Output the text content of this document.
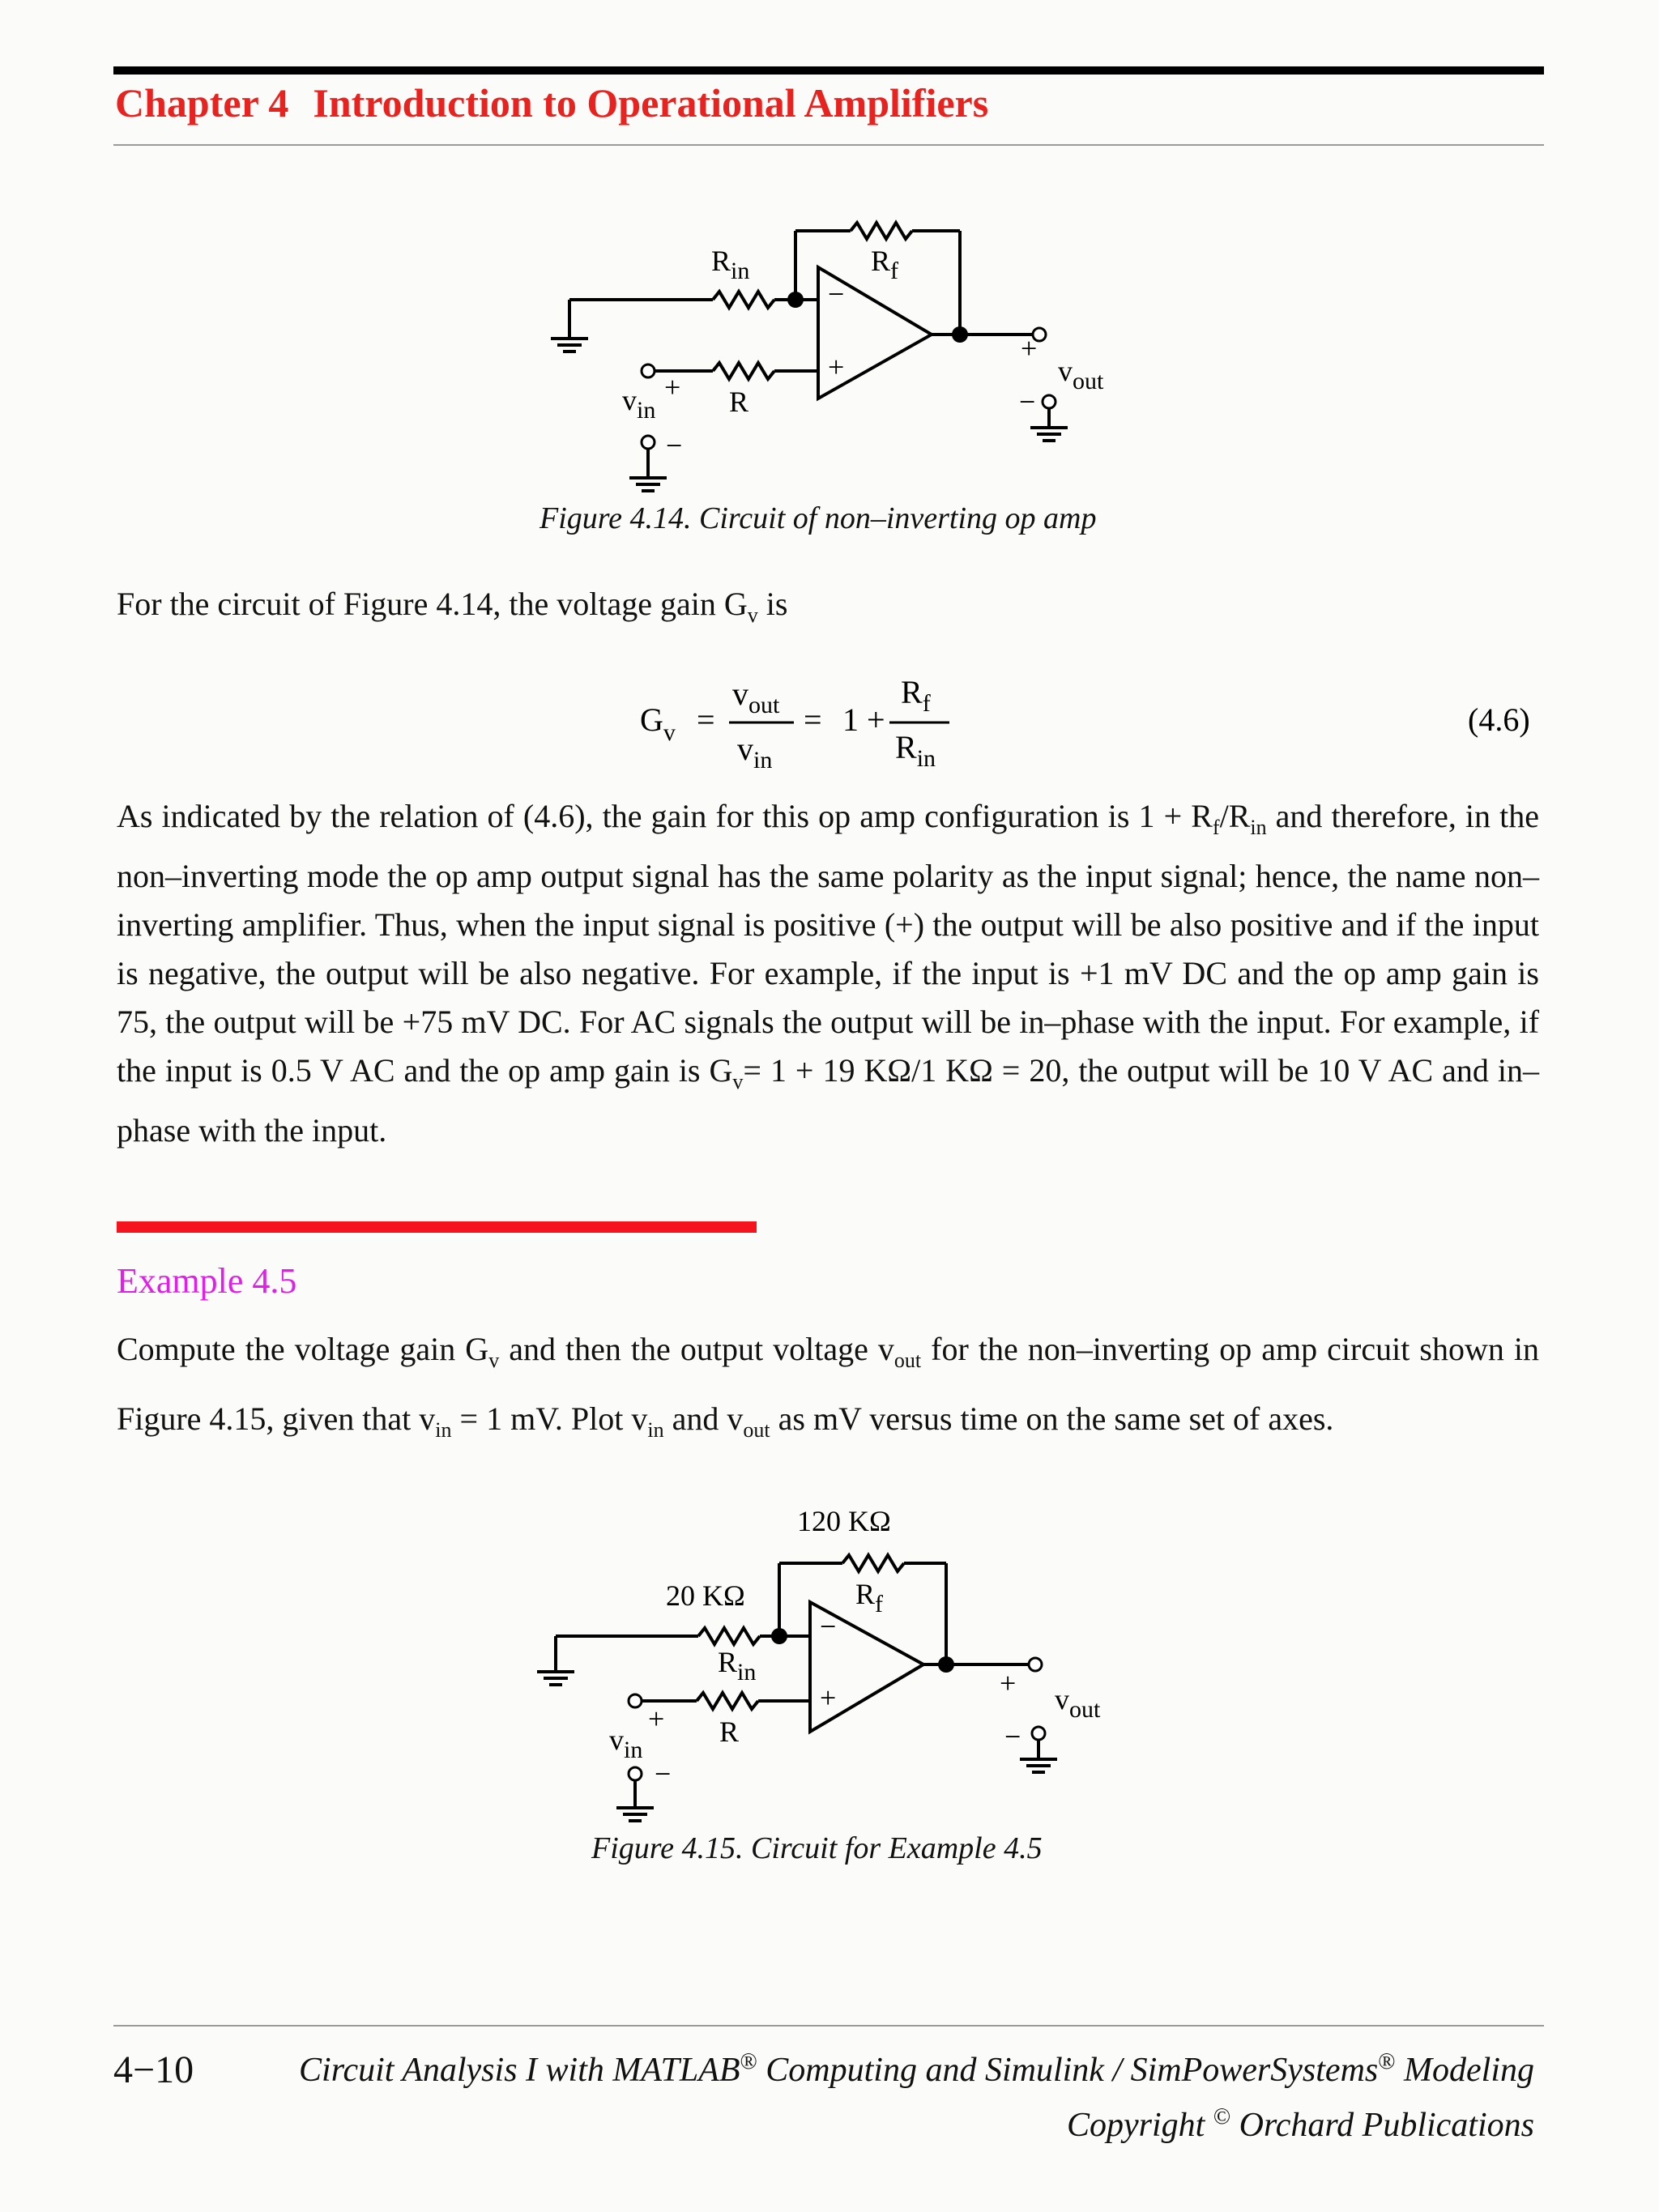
Chapter 4 Introduction to Operational Amplifiers
$R_{in}$	$R_f$
−
+
R
+
−
$v_{in}$
+
−
$v_{out}$
Figure 4.14. Circuit of non–inverting op amp
For the circuit of Figure 4.14, the voltage gain $G_v$ is
$G_v$ =
$v_{out}$
$v_{in}$
= 1 +
$R_f$
$R_{in}$
(4.6)
As indicated by the relation of (4.6), the gain for this op amp configuration is $1 + R_f/R_{in}$ and therefore, in the non–inverting mode the op amp output signal has the same polarity as the input signal; hence, the name non–inverting amplifier. Thus, when the input signal is positive (+) the output will be also positive and if the input is negative, the output will be also negative. For example, if the input is +1 mV DC and the op amp gain is 75, the output will be +75 mV DC. For AC signals the output will be in–phase with the input. For example, if the input is 0.5 V AC and the op amp gain is $G_v= 1 + 19$ KΩ/1 KΩ = 20, the output will be 10 V AC and in–phase with the input.
Example 4.5
Compute the voltage gain $G_v$ and then the output voltage $v_{out}$ for the non–inverting op amp circuit shown in Figure 4.15, given that $v_{in} = 1$ mV. Plot $v_{in}$ and $v_{out}$ as mV versus time on the same set of axes.
120 KΩ
20 KΩ	$R_f$
$R_{in}$
−
+
R
+
−
$v_{in}$
+
−
$v_{out}$
Figure 4.15. Circuit for Example 4.5
4−10	Circuit Analysis I with MATLAB® Computing and Simulink / SimPowerSystems® Modeling
Copyright © Orchard Publications
